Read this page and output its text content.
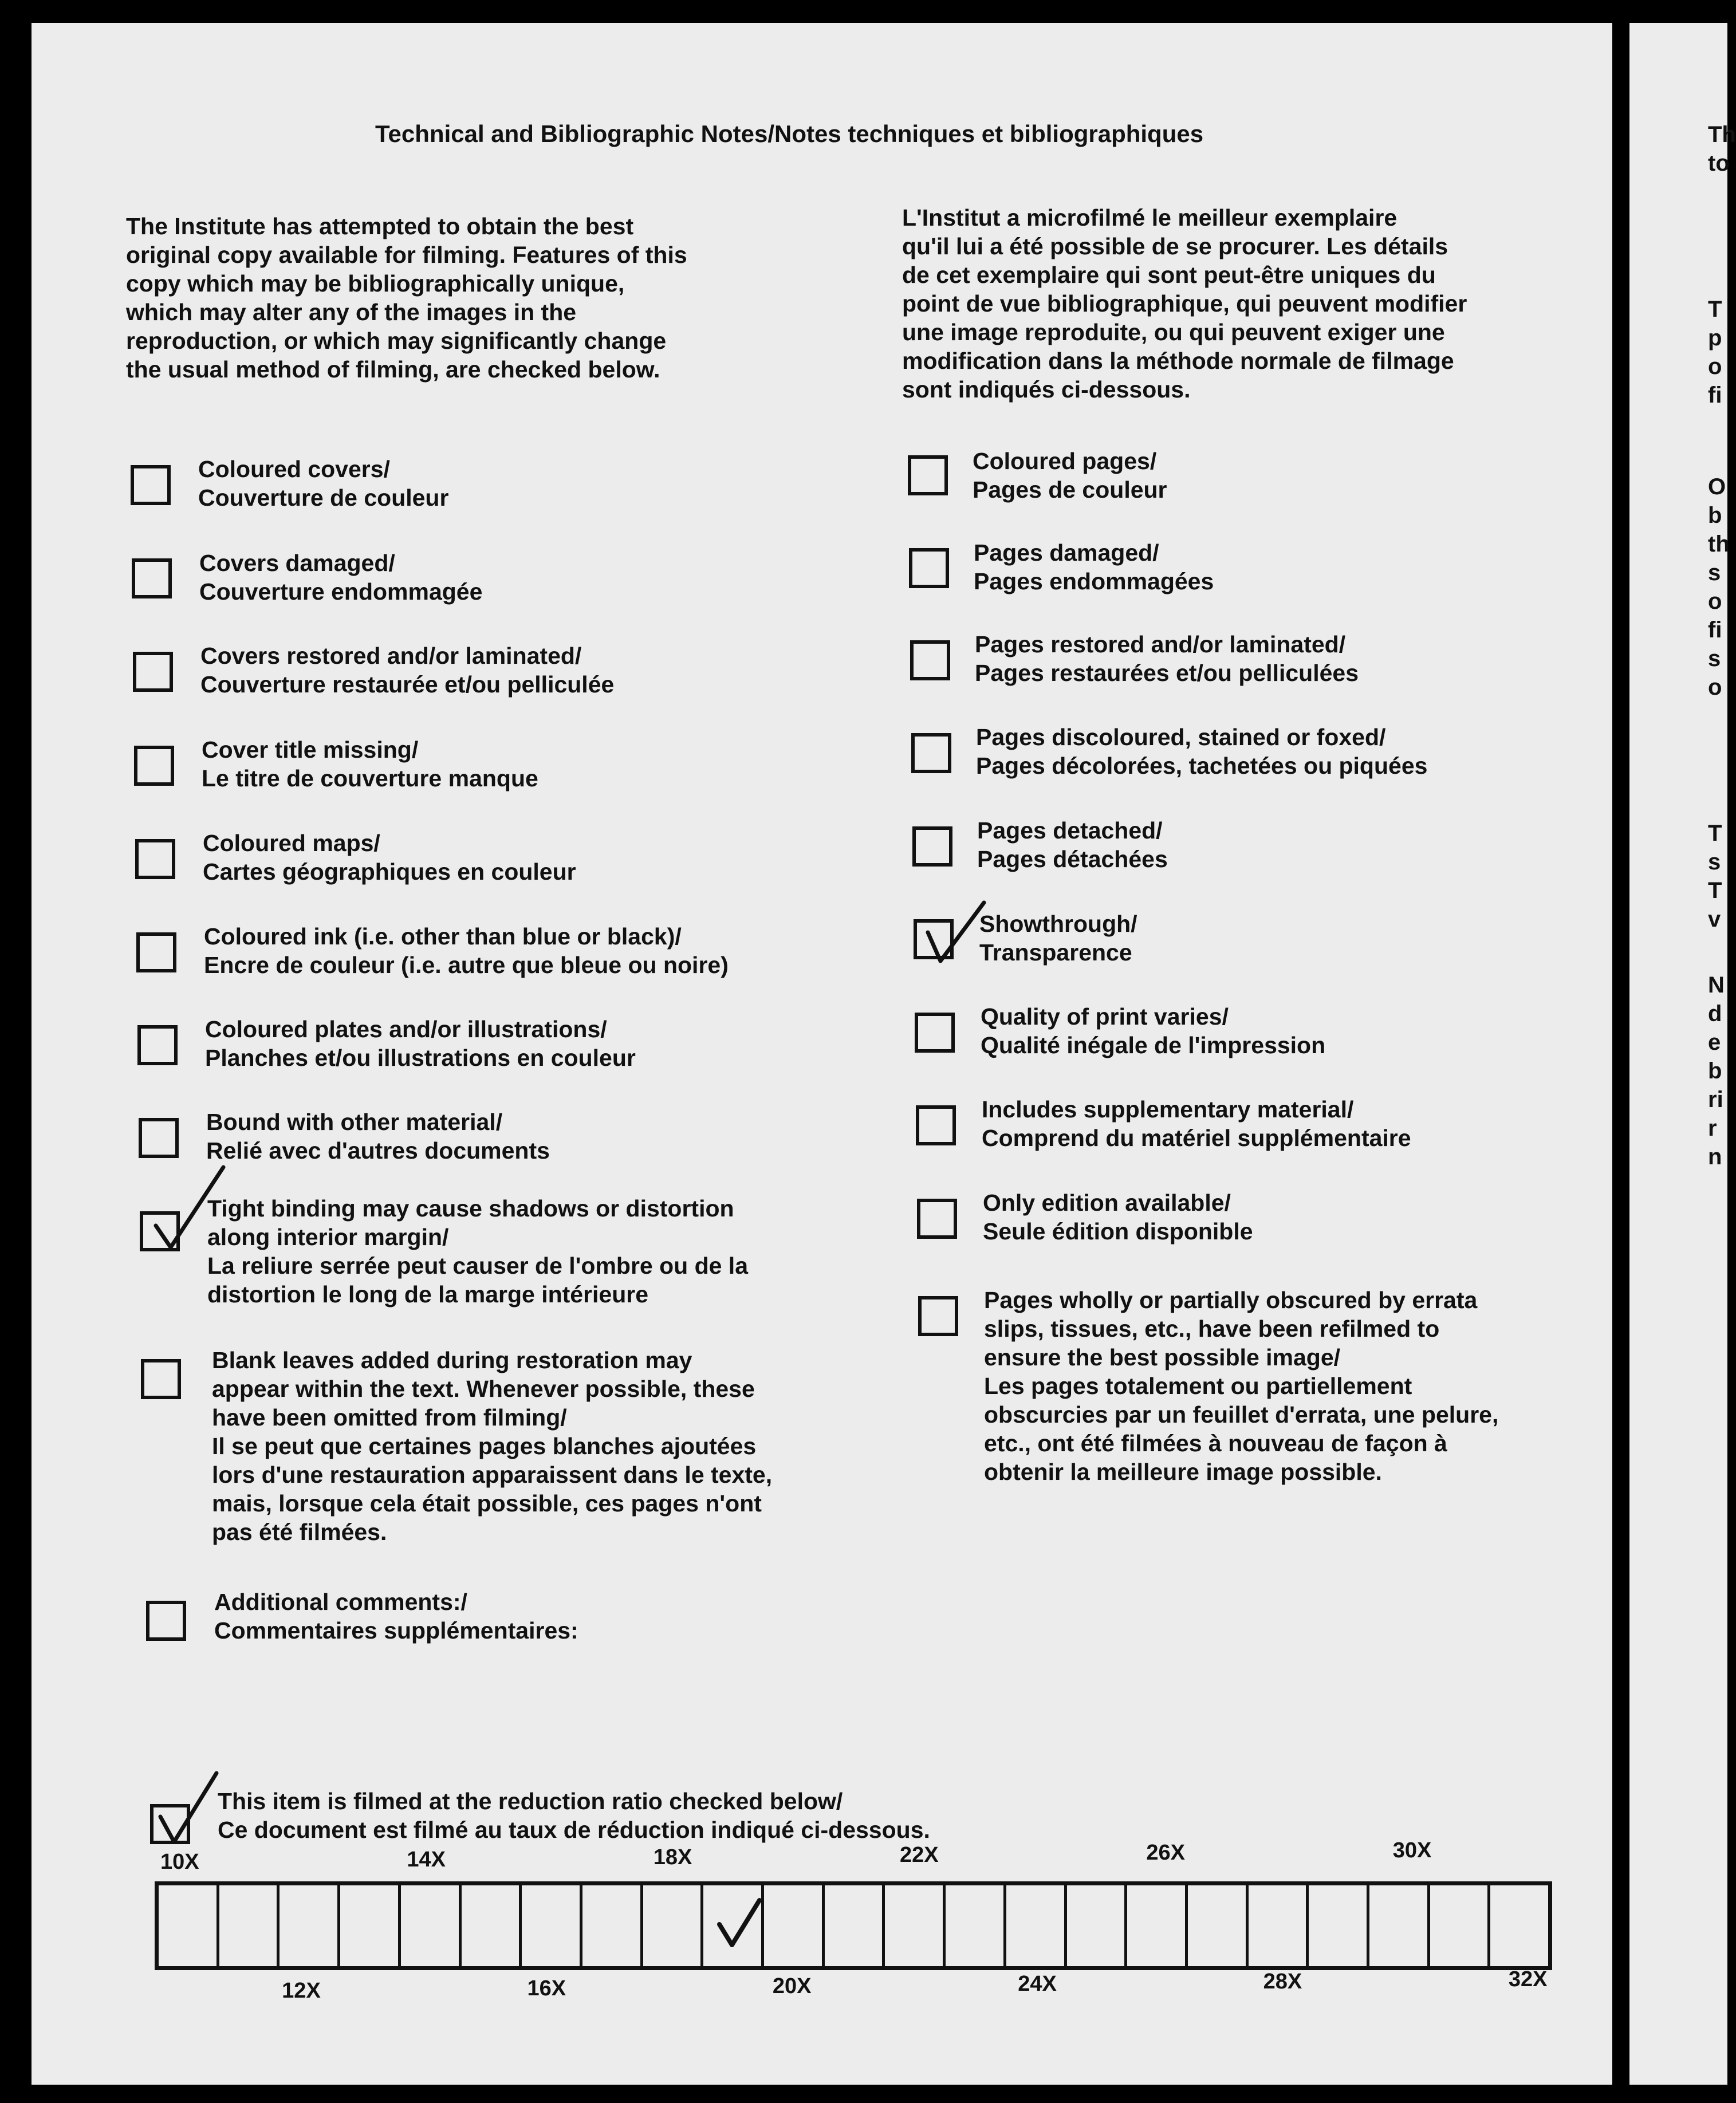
Technical and Bibliographic Notes/Notes techniques et bibliographiques
The Institute has attempted to obtain the best
original copy available for filming. Features of this
copy which may be bibliographically unique,
which may alter any of the images in the
reproduction, or which may significantly change
the usual method of filming, are checked below.
L'Institut a microfilmé le meilleur exemplaire
qu'il lui a été possible de se procurer. Les détails
de cet exemplaire qui sont peut-être uniques du
point de vue bibliographique, qui peuvent modifier
une image reproduite, ou qui peuvent exiger une
modification dans la méthode normale de filmage
sont indiqués ci-dessous.
Coloured covers/
Couverture de couleur
Covers damaged/
Couverture endommagée
Covers restored and/or laminated/
Couverture restaurée et/ou pelliculée
Cover title missing/
Le titre de couverture manque
Coloured maps/
Cartes géographiques en couleur
Coloured ink (i.e. other than blue or black)/
Encre de couleur (i.e. autre que bleue ou noire)
Coloured plates and/or illustrations/
Planches et/ou illustrations en couleur
Bound with other material/
Relié avec d'autres documents
Tight binding may cause shadows or distortion
along interior margin/
La reliure serrée peut causer de l'ombre ou de la
distortion le long de la marge intérieure
Blank leaves added during restoration may
appear within the text. Whenever possible, these
have been omitted from filming/
Il se peut que certaines pages blanches ajoutées
lors d'une restauration apparaissent dans le texte,
mais, lorsque cela était possible, ces pages n'ont
pas été filmées.
Additional comments:/
Commentaires supplémentaires:
Coloured pages/
Pages de couleur
Pages damaged/
Pages endommagées
Pages restored and/or laminated/
Pages restaurées et/ou pelliculées
Pages discoloured, stained or foxed/
Pages décolorées, tachetées ou piquées
Pages detached/
Pages détachées
Showthrough/
Transparence
Quality of print varies/
Qualité inégale de l'impression
Includes supplementary material/
Comprend du matériel supplémentaire
Only edition available/
Seule édition disponible
Pages wholly or partially obscured by errata
slips, tissues, etc., have been refilmed to
ensure the best possible image/
Les pages totalement ou partiellement
obscurcies par un feuillet d'errata, une pelure,
etc., ont été filmées à nouveau de façon à
obtenir la meilleure image possible.
This item is filmed at the reduction ratio checked below/
Ce document est filmé au taux de réduction indiqué ci-dessous.
10X	14X	18X	22X	26X	30X
12X	16X	20X	24X	28X	32X
Th
to
T
p
o
fi
O
b
th
s
o
fi
s
o
T
s
T
v
N
d
e
b
ri
r
n
